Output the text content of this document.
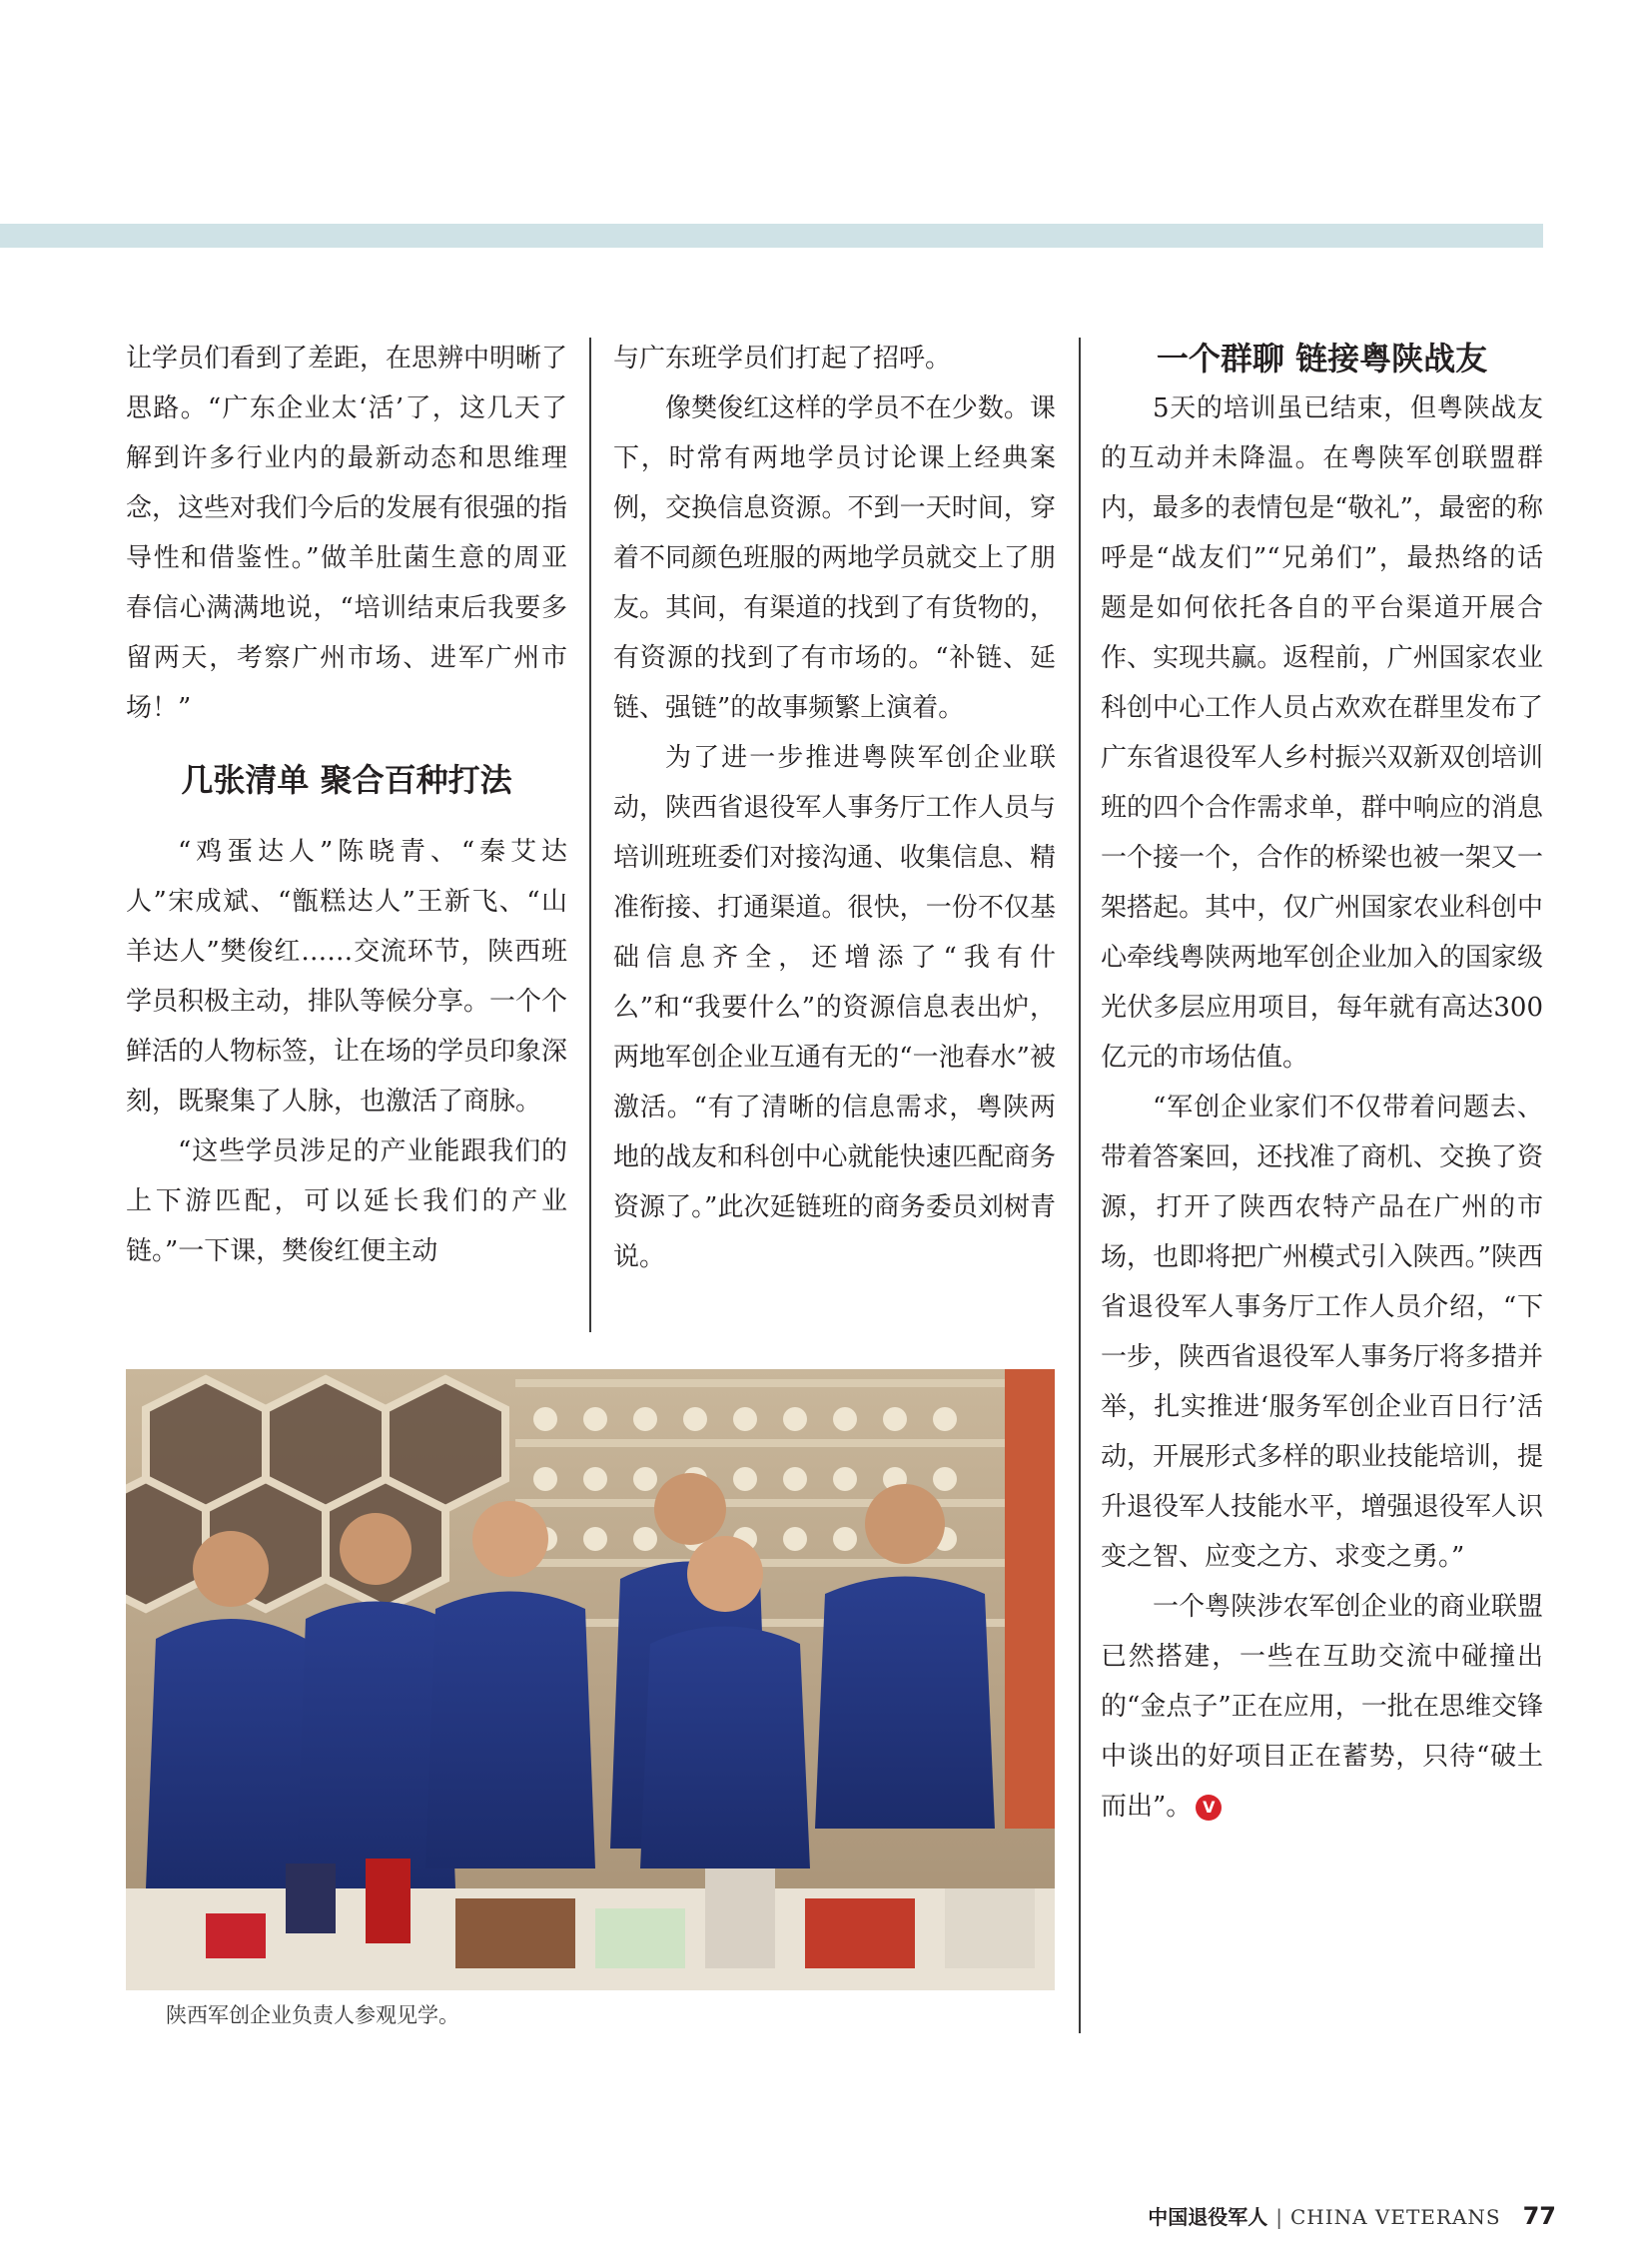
让学员们看到了差距，在思辨中明晰了思路。“广东企业太‘活’了，这几天了解到许多行业内的最新动态和思维理念，这些对我们今后的发展有很强的指导性和借鉴性。”做羊肚菌生意的周亚春信心满满地说，“培训结束后我要多留两天，考察广州市场、进军广州市场！”

几张清单 聚合百种打法

“鸡蛋达人”陈晓青、“秦艾达人”宋成斌、“甑糕达人”王新飞、“山羊达人”樊俊红……交流环节，陕西班学员积极主动，排队等候分享。一个个鲜活的人物标签，让在场的学员印象深刻，既聚集了人脉，也激活了商脉。

“这些学员涉足的产业能跟我们的上下游匹配，可以延长我们的产业链。”一下课，樊俊红便主动

与广东班学员们打起了招呼。

像樊俊红这样的学员不在少数。课下，时常有两地学员讨论课上经典案例，交换信息资源。不到一天时间，穿着不同颜色班服的两地学员就交上了朋友。其间，有渠道的找到了有货物的，有资源的找到了有市场的。“补链、延链、强链”的故事频繁上演着。

为了进一步推进粤陕军创企业联动，陕西省退役军人事务厅工作人员与培训班班委们对接沟通、收集信息、精准衔接、打通渠道。很快，一份不仅基础信息齐全，还增添了“我有什么”和“我要什么”的资源信息表出炉，两地军创企业互通有无的“一池春水”被激活。“有了清晰的信息需求，粤陕两地的战友和科创中心就能快速匹配商务资源了。”此次延链班的商务委员刘树青说。

一个群聊 链接粤陕战友

5天的培训虽已结束，但粤陕战友的互动并未降温。在粤陕军创联盟群内，最多的表情包是“敬礼”，最密的称呼是“战友们”“兄弟们”，最热络的话题是如何依托各自的平台渠道开展合作、实现共赢。返程前，广州国家农业科创中心工作人员占欢欢在群里发布了广东省退役军人乡村振兴双新双创培训班的四个合作需求单，群中响应的消息一个接一个，合作的桥梁也被一架又一架搭起。其中，仅广州国家农业科创中心牵线粤陕两地军创企业加入的国家级光伏多层应用项目，每年就有高达300亿元的市场估值。

“军创企业家们不仅带着问题去、带着答案回，还找准了商机、交换了资源，打开了陕西农特产品在广州的市场，也即将把广州模式引入陕西。”陕西省退役军人事务厅工作人员介绍，“下一步，陕西省退役军人事务厅将多措并举，扎实推进‘服务军创企业百日行’活动，开展形式多样的职业技能培训，提升退役军人技能水平，增强退役军人识变之智、应变之方、求变之勇。”

一个粤陕涉农军创企业的商业联盟已然搭建，一些在互助交流中碰撞出的“金点子”正在应用，一批在思维交锋中谈出的好项目正在蓄势，只待“破土而出”。 V

陕西军创企业负责人参观见学。
中国退役军人 | CHINA VETERANS 77
